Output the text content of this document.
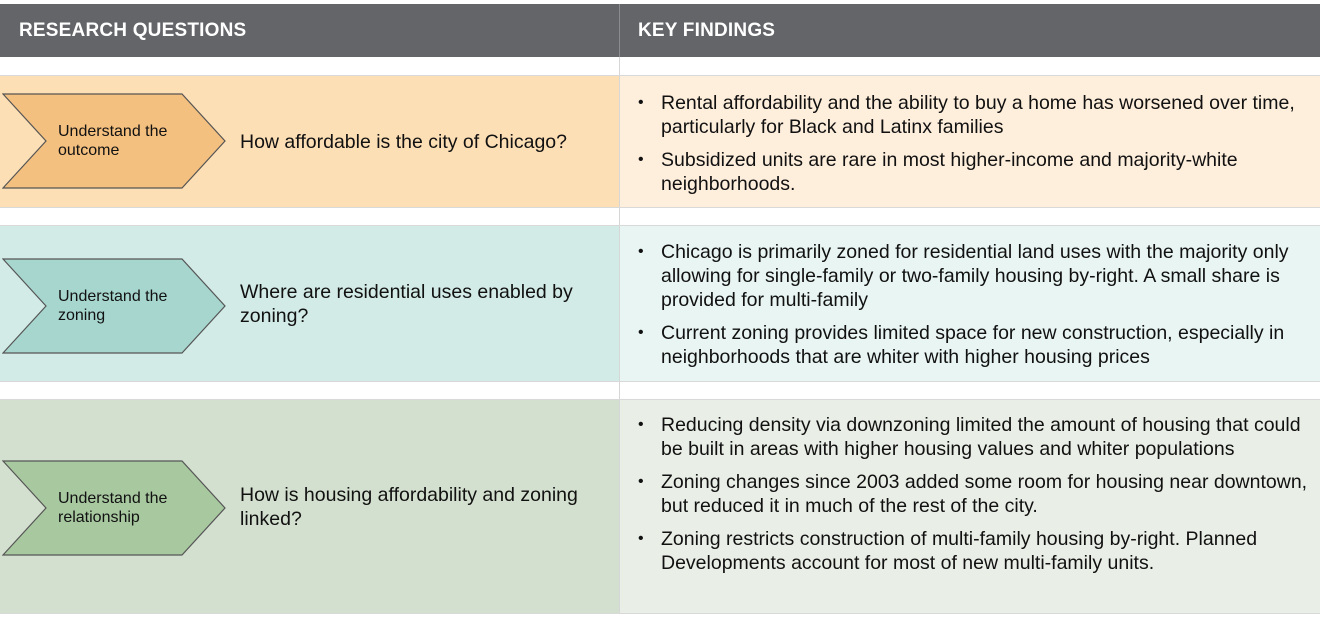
RESEARCH QUESTIONS	KEY FINDINGS
Understand the
outcome	How affordable is the city of Chicago?
• Rental affordability and the ability to buy a home has worsened over time, particularly for Black and Latinx families
• Subsidized units are rare in most higher-income and majority-white neighborhoods.
Understand the
zoning
Where are residential uses enabled by zoning?
• Chicago is primarily zoned for residential land uses with the majority only allowing for single-family or two-family housing by-right. A small share is provided for multi-family
• Current zoning provides limited space for new construction, especially in neighborhoods that are whiter with higher housing prices
Understand the
relationship
How is housing affordability and zoning linked?
• Reducing density via downzoning limited the amount of housing that could be built in areas with higher housing values and whiter populations
• Zoning changes since 2003 added some room for housing near downtown, but reduced it in much of the rest of the city.
• Zoning restricts construction of multi-family housing by-right. Planned Developments account for most of new multi-family units.
